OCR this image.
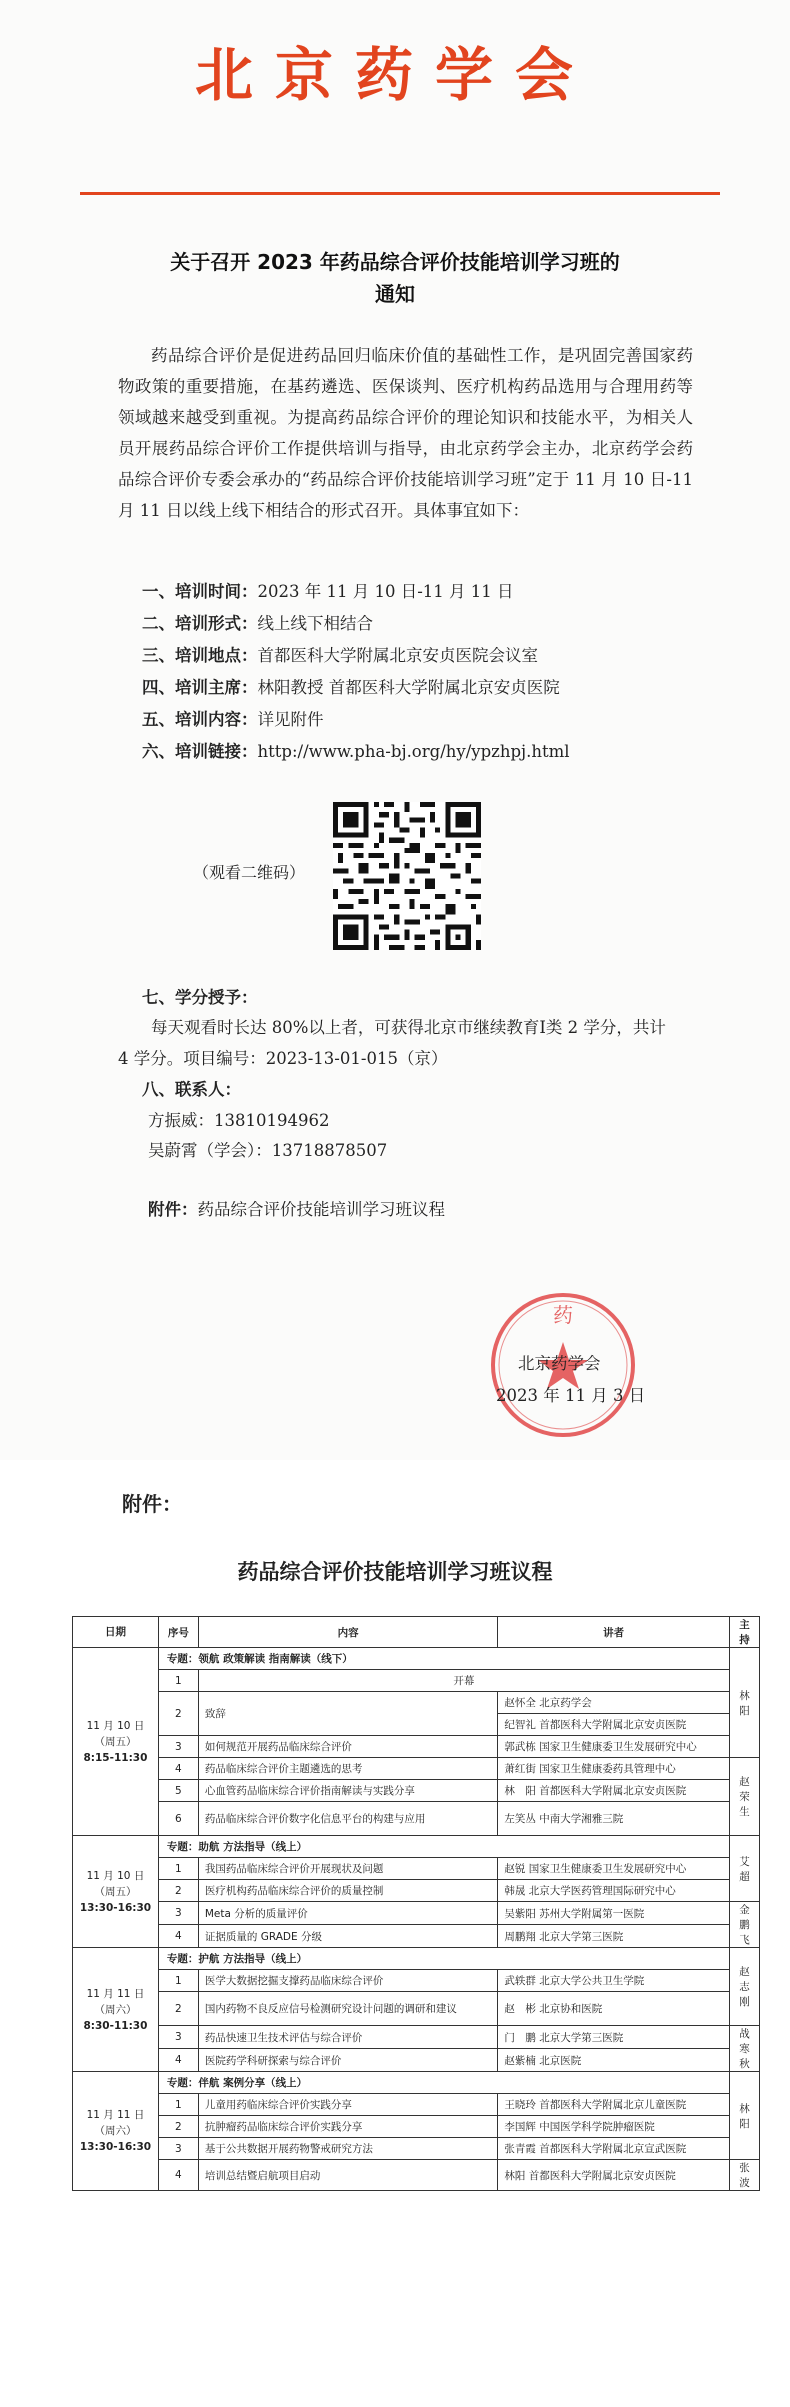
北京药学会
关于召开 2023 年药品综合评价技能培训学习班的
通知

药品综合评价是促进药品回归临床价值的基础性工作，是巩固完善国家药物政策的重要措施，在基药遴选、医保谈判、医疗机构药品选用与合理用药等领域越来越受到重视。为提高药品综合评价的理论知识和技能水平，为相关人员开展药品综合评价工作提供培训与指导，由北京药学会主办，北京药学会药品综合评价专委会承办的“药品综合评价技能培训学习班”定于 11 月 10 日-11 月 11 日以线上线下相结合的形式召开。具体事宜如下：

一、培训时间：2023 年 11 月 10 日-11 月 11 日
二、培训形式：线上线下相结合
三、培训地点：首都医科大学附属北京安贞医院会议室
四、培训主席：林阳教授 首都医科大学附属北京安贞医院
五、培训内容：详见附件
六、培训链接：http://www.pha-bj.org/hy/ypzhpj.html
（观看二维码）
七、学分授予：

每天观看时长达 80%以上者，可获得北京市继续教育Ⅰ类 2 学分，共计 4 学分。项目编号：2023-13-01-015（京）

八、联系人：
方振威：13810194962
吴蔚霄（学会）：13718878507
附件：药品综合评价技能培训学习班议程
药
北京药学会
2023 年 11 月 3 日
附件：
药品综合评价技能培训学习班议程
日期	序号	内容	讲者	主持

11 月 10 日
（周五）
8:15-11:30	专题：领航 政策解读 指南解读（线下）			林阳
	1	开幕		
	2	致辞	赵怀全 北京药学会	
			纪智礼 首都医科大学附属北京安贞医院	
	3	如何规范开展药品临床综合评价	郭武栋 国家卫生健康委卫生发展研究中心	
	4	药品临床综合评价主题遴选的思考	萧红街 国家卫生健康委药具管理中心	赵荣生
	5	心血管药品临床综合评价指南解读与实践分享	林　阳 首都医科大学附属北京安贞医院	
	6	药品临床综合评价数字化信息平台的构建与应用	左笑丛 中南大学湘雅三院	

11 月 10 日
（周五）
13:30-16:30	专题：助航 方法指导（线上）			艾超
	1	我国药品临床综合评价开展现状及问题	赵锐 国家卫生健康委卫生发展研究中心	
	2	医疗机构药品临床综合评价的质量控制	韩晟 北京大学医药管理国际研究中心	
	3	Meta 分析的质量评价	吴紫阳 苏州大学附属第一医院	金鹏飞
	4	证据质量的 GRADE 分级	周鹏翔 北京大学第三医院	

11 月 11 日
（周六）
8:30-11:30	专题：护航 方法指导（线上）			赵志刚
	1	医学大数据挖掘支撑药品临床综合评价	武轶群 北京大学公共卫生学院	
	2	国内药物不良反应信号检测研究设计问题的调研和建议	赵　彬 北京协和医院	
	3	药品快速卫生技术评估与综合评价	门　鹏 北京大学第三医院	战寒秋
	4	医院药学科研探索与综合评价	赵紫楠 北京医院	

11 月 11 日
（周六）
13:30-16:30	专题：伴航 案例分享（线上）			林阳
	1	儿童用药临床综合评价实践分享	王晓玲 首都医科大学附属北京儿童医院	
	2	抗肿瘤药品临床综合评价实践分享	李国辉 中国医学科学院肿瘤医院	
	3	基于公共数据开展药物警戒研究方法	张青霞 首都医科大学附属北京宣武医院	
	4	培训总结暨启航项目启动	林阳 首都医科大学附属北京安贞医院	张波
